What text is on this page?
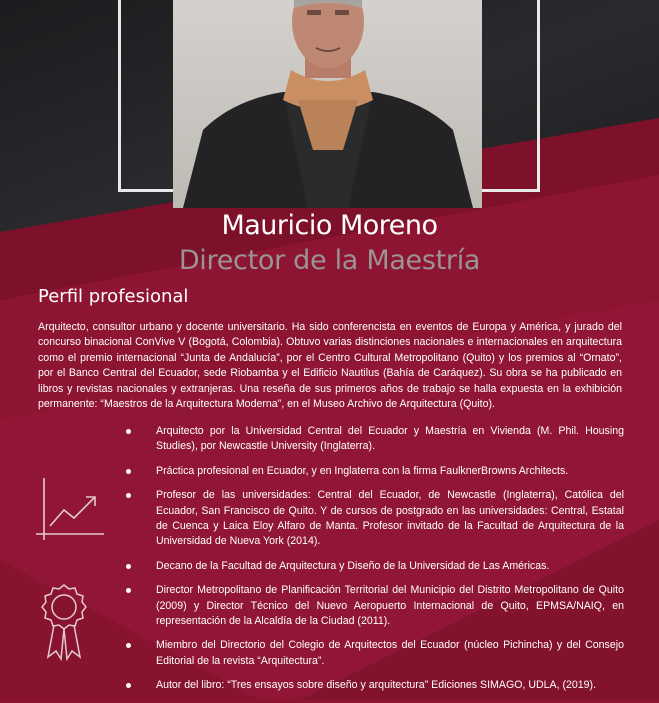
Mauricio Moreno
Director de la Maestría
Perfil profesional

Arquitecto, consultor urbano y docente universitario. Ha sido conferencista en eventos de Europa y América, y jurado del concurso binacional ConVive V (Bogotá, Colombia). Obtuvo varias distinciones nacionales e internacionales en arquitectura como el premio internacional “Junta de Andalucía”, por el Centro Cultural Metropolitano (Quito) y los premios al “Ornato”, por el Banco Central del Ecuador, sede Riobamba y el Edificio Nautilus (Bahía de Caráquez). Su obra se ha publicado en libros y revistas nacionales y extranjeras. Una reseña de sus primeros años de trabajo se halla expuesta en la exhibición permanente: “Maestros de la Arquitectura Moderna”, en el Museo Archivo de Arquitectura (Quito).

Arquitecto por la Universidad Central del Ecuador y Maestría en Vivienda (M. Phil. Housing Studies), por Newcastle University (Inglaterra).
Práctica profesional en Ecuador, y en Inglaterra con la firma FaulknerBrowns Architects.
Profesor de las universidades: Central del Ecuador, de Newcastle (Inglaterra), Católica del Ecuador, San Francisco de Quito. Y de cursos de postgrado en las universidades: Central, Estatal de Cuenca y Laica Eloy Alfaro de Manta. Profesor invitado de la Facultad de Arquitectura de la Universidad de Nueva York (2014).
Decano de la Facultad de Arquitectura y Diseño de la Universidad de Las Américas.
Director Metropolitano de Planificación Territorial del Municipio del Distrito Metropolitano de Quito (2009) y Director Técnico del Nuevo Aeropuerto Internacional de Quito, EPMSA/NAIQ, en representación de la Alcaldía de la Ciudad (2011).
Miembro del Directorio del Colegio de Arquitectos del Ecuador (núcleo Pichincha) y del Consejo Editorial de la revista “Arquitectura”.
Autor del libro: “Tres ensayos sobre diseño y arquitectura” Ediciones SIMAGO, UDLA, (2019).
